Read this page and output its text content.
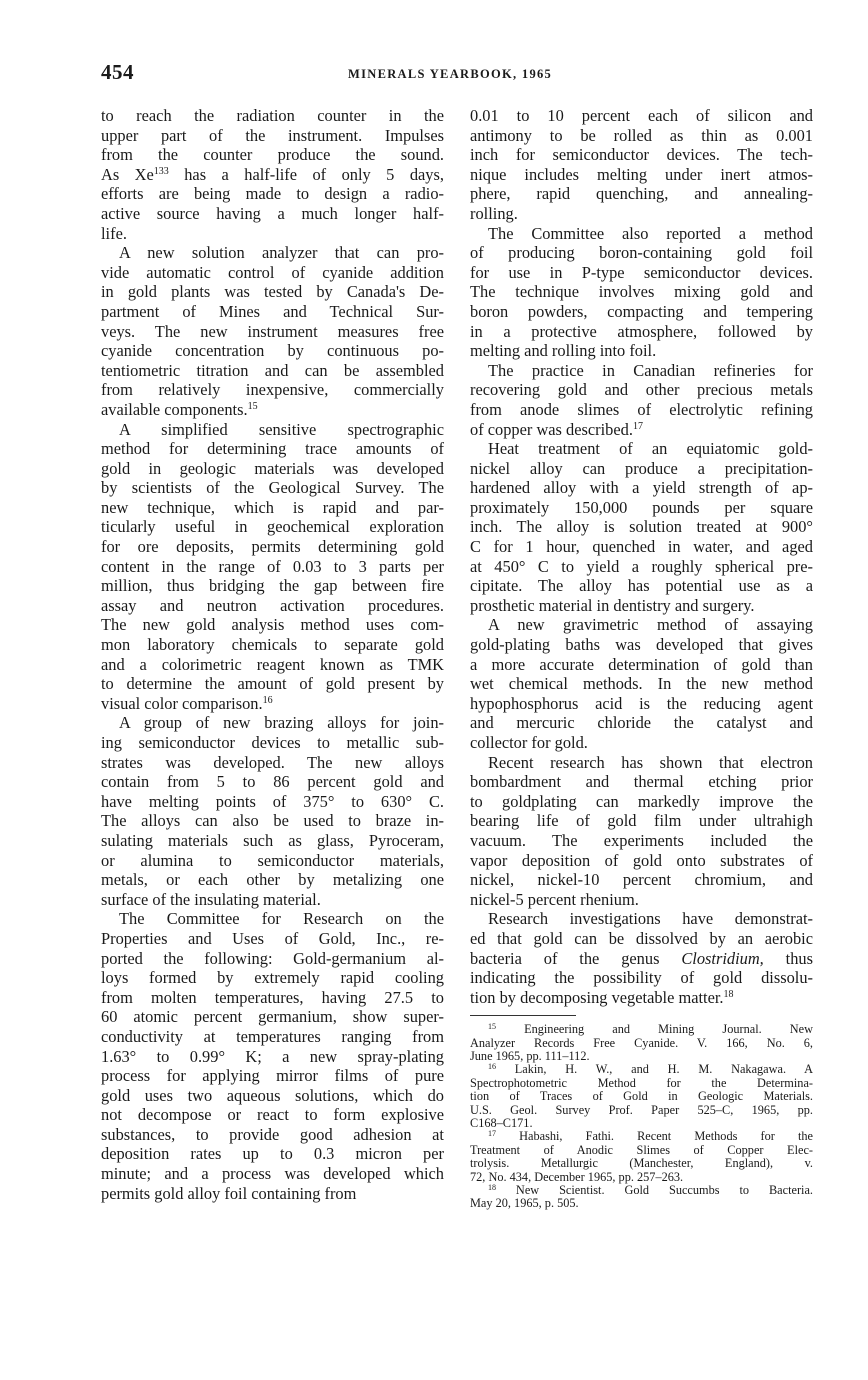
454	MINERALS YEARBOOK, 1965
to reach the radiation counter in the
upper part of the instrument. Impulses
from the counter produce the sound.
As Xe$^{133}$ has a half-life of only 5 days,
efforts are being made to design a radio-
active source having a much longer half-
life.
A new solution analyzer that can pro-
vide automatic control of cyanide addition
in gold plants was tested by Canada's De-
partment of Mines and Technical Sur-
veys. The new instrument measures free
cyanide concentration by continuous po-
tentiometric titration and can be assembled
from relatively inexpensive, commercially
available components.$^{15}$
A simplified sensitive spectrographic
method for determining trace amounts of
gold in geologic materials was developed
by scientists of the Geological Survey. The
new technique, which is rapid and par-
ticularly useful in geochemical exploration
for ore deposits, permits determining gold
content in the range of 0.03 to 3 parts per
million, thus bridging the gap between fire
assay and neutron activation procedures.
The new gold analysis method uses com-
mon laboratory chemicals to separate gold
and a colorimetric reagent known as TMK
to determine the amount of gold present by
visual color comparison.$^{16}$
A group of new brazing alloys for join-
ing semiconductor devices to metallic sub-
strates was developed. The new alloys
contain from 5 to 86 percent gold and
have melting points of 375° to 630° C.
The alloys can also be used to braze in-
sulating materials such as glass, Pyroceram,
or alumina to semiconductor materials,
metals, or each other by metalizing one
surface of the insulating material.
The Committee for Research on the
Properties and Uses of Gold, Inc., re-
ported the following: Gold-germanium al-
loys formed by extremely rapid cooling
from molten temperatures, having 27.5 to
60 atomic percent germanium, show super-
conductivity at temperatures ranging from
1.63° to 0.99° K; a new spray-plating
process for applying mirror films of pure
gold uses two aqueous solutions, which do
not decompose or react to form explosive
substances, to provide good adhesion at
deposition rates up to 0.3 micron per
minute; and a process was developed which
permits gold alloy foil containing from
0.01 to 10 percent each of silicon and
antimony to be rolled as thin as 0.001
inch for semiconductor devices. The tech-
nique includes melting under inert atmos-
phere, rapid quenching, and annealing-
rolling.
The Committee also reported a method
of producing boron-containing gold foil
for use in P-type semiconductor devices.
The technique involves mixing gold and
boron powders, compacting and tempering
in a protective atmosphere, followed by
melting and rolling into foil.
The practice in Canadian refineries for
recovering gold and other precious metals
from anode slimes of electrolytic refining
of copper was described.$^{17}$
Heat treatment of an equiatomic gold-
nickel alloy can produce a precipitation-
hardened alloy with a yield strength of ap-
proximately 150,000 pounds per square
inch. The alloy is solution treated at 900°
C for 1 hour, quenched in water, and aged
at 450° C to yield a roughly spherical pre-
cipitate. The alloy has potential use as a
prosthetic material in dentistry and surgery.
A new gravimetric method of assaying
gold-plating baths was developed that gives
a more accurate determination of gold than
wet chemical methods. In the new method
hypophosphorus acid is the reducing agent
and mercuric chloride the catalyst and
collector for gold.
Recent research has shown that electron
bombardment and thermal etching prior
to goldplating can markedly improve the
bearing life of gold film under ultrahigh
vacuum. The experiments included the
vapor deposition of gold onto substrates of
nickel, nickel-10 percent chromium, and
nickel-5 percent rhenium.
Research investigations have demonstrat-
ed that gold can be dissolved by an aerobic
bacteria of the genus Clostridium, thus
indicating the possibility of gold dissolu-
tion by decomposing vegetable matter.$^{18}$
$^{15}$ Engineering and Mining Journal. New
Analyzer Records Free Cyanide. V. 166, No. 6,
June 1965, pp. 111–112.
$^{16}$ Lakin, H. W., and H. M. Nakagawa. A
Spectrophotometric Method for the Determina-
tion of Traces of Gold in Geologic Materials.
U.S. Geol. Survey Prof. Paper 525–C, 1965, pp.
C168–C171.
$^{17}$ Habashi, Fathi. Recent Methods for the
Treatment of Anodic Slimes of Copper Elec-
trolysis. Metallurgic (Manchester, England), v.
72, No. 434, December 1965, pp. 257–263.
$^{18}$ New Scientist. Gold Succumbs to Bacteria.
May 20, 1965, p. 505.
